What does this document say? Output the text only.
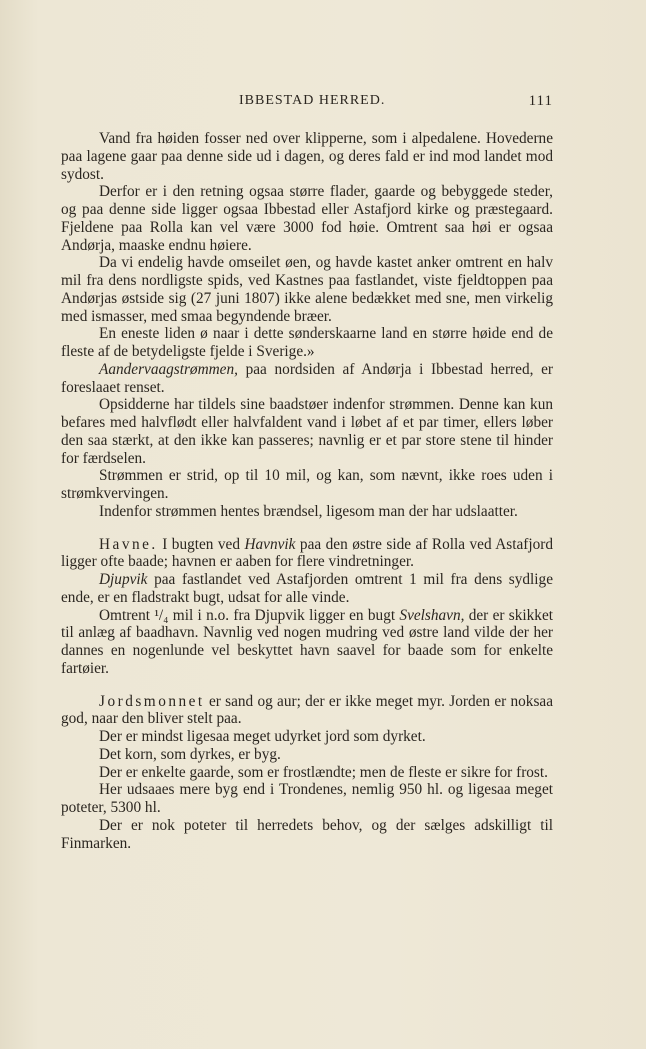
IBBESTAD HERRED.	111

Vand fra høiden fosser ned over klipperne, som i alpedalene. Hovederne paa lagene gaar paa denne side ud i dagen, og deres fald er ind mod landet mod sydost.

Derfor er i den retning ogsaa større flader, gaarde og bebyggede steder, og paa denne side ligger ogsaa Ibbestad eller Astafjord kirke og præstegaard. Fjeldene paa Rolla kan vel være 3000 fod høie. Omtrent saa høi er ogsaa Andørja, maaske endnu høiere.

Da vi endelig havde omseilet øen, og havde kastet anker omtrent en halv mil fra dens nordligste spids, ved Kastnes paa fastlandet, viste fjeldtoppen paa Andørjas østside sig (27 juni 1807) ikke alene bedækket med sne, men virkelig med ismasser, med smaa begyndende bræer.

En eneste liden ø naar i dette sønderskaarne land en større høide end de fleste af de betydeligste fjelde i Sverige.»

Aandervaagstrømmen, paa nordsiden af Andørja i Ibbestad herred, er foreslaaet renset.

Opsidderne har tildels sine baadstøer indenfor strømmen. Denne kan kun befares med halvflødt eller halvfaldent vand i løbet af et par timer, ellers løber den saa stærkt, at den ikke kan passeres; navnlig er et par store stene til hinder for færdselen.

Strømmen er strid, op til 10 mil, og kan, som nævnt, ikke roes uden i strømkvervingen.

Indenfor strømmen hentes brændsel, ligesom man der har udslaatter.

Havne. I bugten ved Havnvik paa den østre side af Rolla ved Astafjord ligger ofte baade; havnen er aaben for flere vindretninger.

Djupvik paa fastlandet ved Astafjorden omtrent 1 mil fra dens sydlige ende, er en fladstrakt bugt, udsat for alle vinde.

Omtrent ¹/₄ mil i n.o. fra Djupvik ligger en bugt Svelshavn, der er skikket til anlæg af baadhavn. Navnlig ved nogen mudring ved østre land vilde der her dannes en nogenlunde vel beskyttet havn saavel for baade som for enkelte fartøier.

Jordsmonnet er sand og aur; der er ikke meget myr. Jorden er noksaa god, naar den bliver stelt paa.

Der er mindst ligesaa meget udyrket jord som dyrket.

Det korn, som dyrkes, er byg.

Der er enkelte gaarde, som er frostlændte; men de fleste er sikre for frost.

Her udsaaes mere byg end i Trondenes, nemlig 950 hl. og ligesaa meget poteter, 5300 hl.

Der er nok poteter til herredets behov, og der sælges adskilligt til Finmarken.
